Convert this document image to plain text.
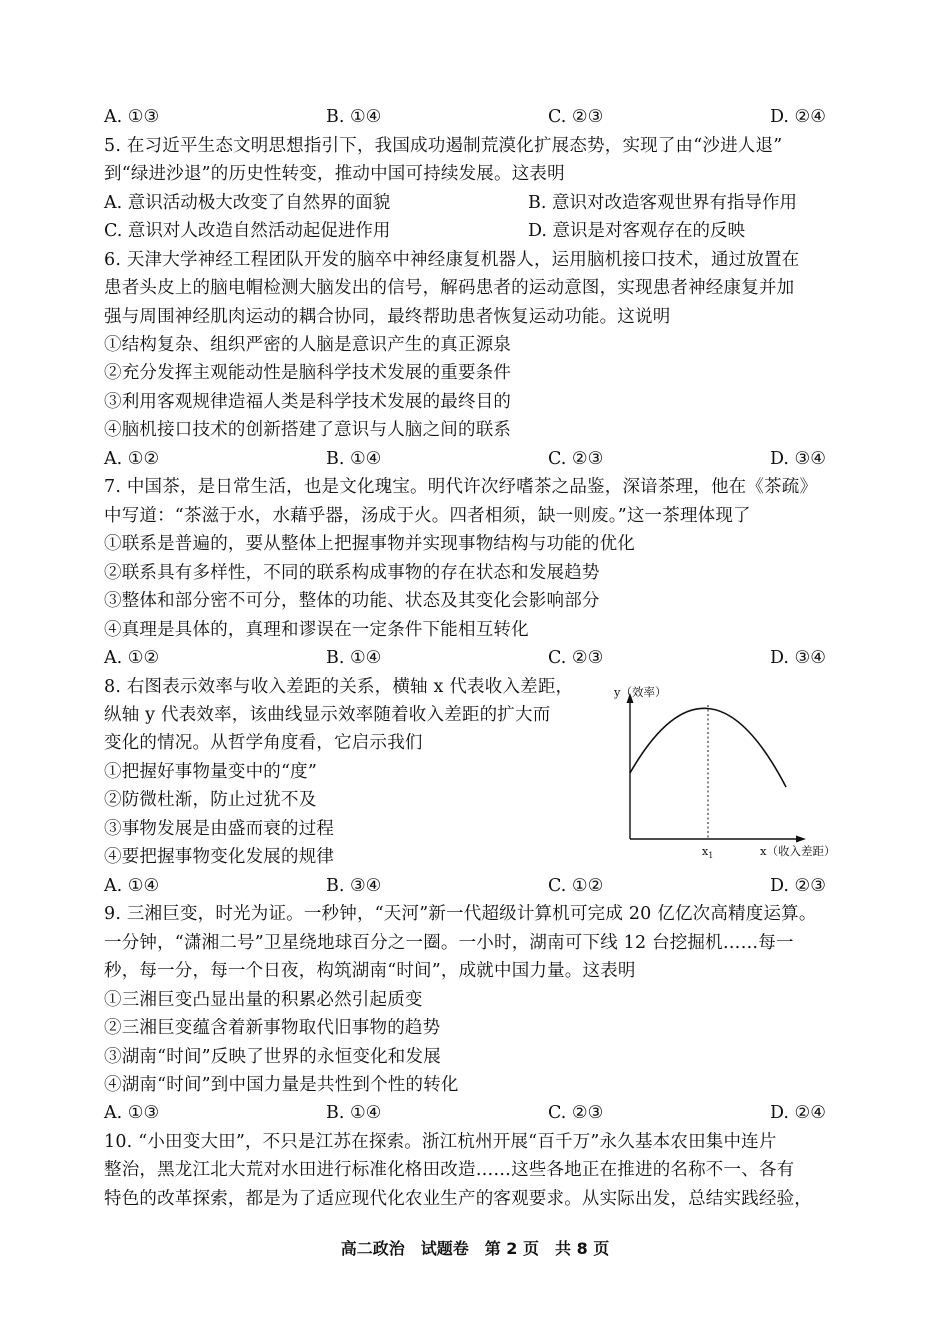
A. ①③	B. ①④	C. ②③	D. ②④
5. 在习近平生态文明思想指引下，我国成功遏制荒漠化扩展态势，实现了由“沙进人退”
到“绿进沙退”的历史性转变，推动中国可持续发展。这表明
A. 意识活动极大改变了自然界的面貌	B. 意识对改造客观世界有指导作用
C. 意识对人改造自然活动起促进作用	D. 意识是对客观存在的反映
6. 天津大学神经工程团队开发的脑卒中神经康复机器人，运用脑机接口技术，通过放置在
患者头皮上的脑电帽检测大脑发出的信号，解码患者的运动意图，实现患者神经康复并加
强与周围神经肌肉运动的耦合协同，最终帮助患者恢复运动功能。这说明
①结构复杂、组织严密的人脑是意识产生的真正源泉
②充分发挥主观能动性是脑科学技术发展的重要条件
③利用客观规律造福人类是科学技术发展的最终目的
④脑机接口技术的创新搭建了意识与人脑之间的联系
A. ①②	B. ①④	C. ②③	D. ③④
7. 中国茶，是日常生活，也是文化瑰宝。明代许次纾嗜茶之品鉴，深谙茶理，他在《茶疏》
中写道：“茶滋于水，水藉乎器，汤成于火。四者相须，缺一则废。”这一茶理体现了
①联系是普遍的，要从整体上把握事物并实现事物结构与功能的优化
②联系具有多样性，不同的联系构成事物的存在状态和发展趋势
③整体和部分密不可分，整体的功能、状态及其变化会影响部分
④真理是具体的，真理和谬误在一定条件下能相互转化
A. ①②	B. ①④	C. ②③	D. ③④
8. 右图表示效率与收入差距的关系，横轴 x 代表收入差距，
纵轴 y 代表效率，该曲线显示效率随着收入差距的扩大而
变化的情况。从哲学角度看，它启示我们
①把握好事物量变中的“度”
②防微杜渐，防止过犹不及
③事物发展是由盛而衰的过程
④要把握事物变化发展的规律
A. ①④	B. ③④	C. ①②	D. ②③
y（效率）
$x_1$	x（收入差距）
9. 三湘巨变，时光为证。一秒钟，“天河”新一代超级计算机可完成 20 亿亿次高精度运算。
一分钟，“潇湘二号”卫星绕地球百分之一圈。一小时，湖南可下线 12 台挖掘机……每一
秒，每一分，每一个日夜，构筑湖南“时间”，成就中国力量。这表明
①三湘巨变凸显出量的积累必然引起质变
②三湘巨变蕴含着新事物取代旧事物的趋势
③湖南“时间”反映了世界的永恒变化和发展
④湖南“时间”到中国力量是共性到个性的转化
A. ①③	B. ①④	C. ②③	D. ②④
10. “小田变大田”，不只是江苏在探索。浙江杭州开展“百千万”永久基本农田集中连片
整治，黑龙江北大荒对水田进行标准化格田改造……这些各地正在推进的名称不一、各有
特色的改革探索，都是为了适应现代化农业生产的客观要求。从实际出发，总结实践经验，
高二政治　试题卷　第 2 页　共 8 页
